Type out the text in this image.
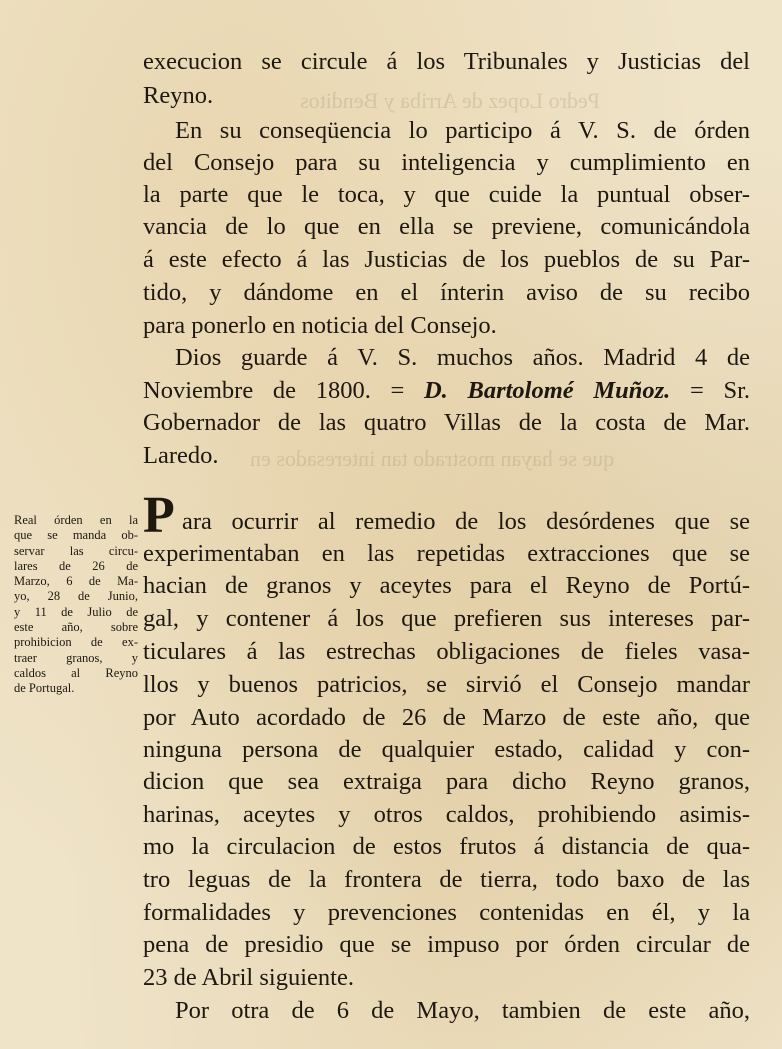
Pedro Lopez de Arriba y Benditos
que se hayan mostrado tan interesados en
execucion se circule á los Tribunales y Justicias del
Reyno.
En su conseqüencia lo participo á V. S. de órden
del Consejo para su inteligencia y cumplimiento en
la parte que le toca, y que cuide la puntual obser-
vancia de lo que en ella se previene, comunicándola
á este efecto á las Justicias de los pueblos de su Par-
tido, y dándome en el ínterin aviso de su recibo
para ponerlo en noticia del Consejo.
Dios guarde á V. S. muchos años. Madrid 4 de
Noviembre de 1800. = D. Bartolomé Muñoz. = Sr.
Gobernador de las quatro Villas de la costa de Mar.
Laredo.
Real órden en la
que se manda ob-
servar las circu-
lares de 26 de
Marzo, 6 de Ma-
yo, 28 de Junio,
y 11 de Julio de
este año, sobre
prohibicion de ex-
traer granos, y
caldos al Reyno
de Portugal.
P ara ocurrir al remedio de los desórdenes que se
experimentaban en las repetidas extracciones que se
hacian de granos y aceytes para el Reyno de Portú-
gal, y contener á los que prefieren sus intereses par-
ticulares á las estrechas obligaciones de fieles vasa-
llos y buenos patricios, se sirvió el Consejo mandar
por Auto acordado de 26 de Marzo de este año, que
ninguna persona de qualquier estado, calidad y con-
dicion que sea extraiga para dicho Reyno granos,
harinas, aceytes y otros caldos, prohibiendo asimis-
mo la circulacion de estos frutos á distancia de qua-
tro leguas de la frontera de tierra, todo baxo de las
formalidades y prevenciones contenidas en él, y la
pena de presidio que se impuso por órden circular de
23 de Abril siguiente.
Por otra de 6 de Mayo, tambien de este año,
